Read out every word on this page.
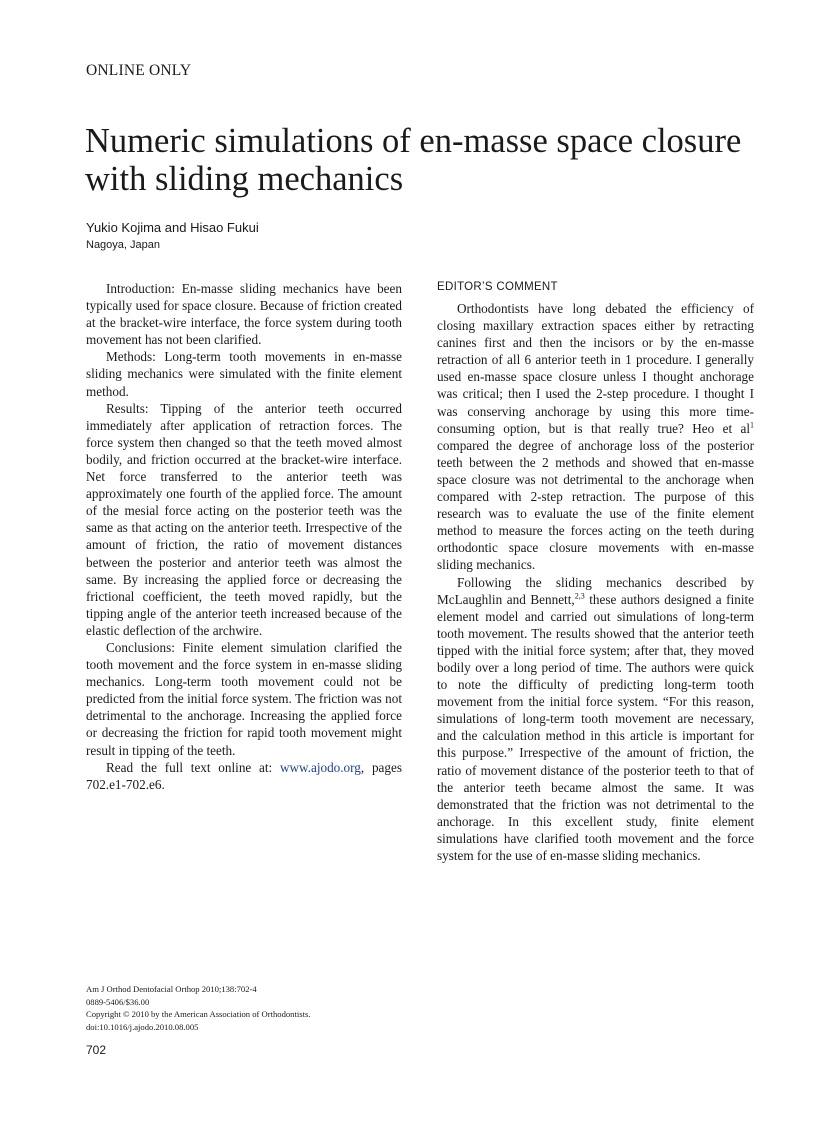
ONLINE ONLY
Numeric simulations of en-masse space closure
with sliding mechanics
Yukio Kojima and Hisao Fukui
Nagoya, Japan

Introduction: En-masse sliding mechanics have been typically used for space closure. Because of friction created at the bracket-wire interface, the force system during tooth movement has not been clarified.

Methods: Long-term tooth movements in en-masse sliding mechanics were simulated with the finite element method.

Results: Tipping of the anterior teeth occurred immediately after application of retraction forces. The force system then changed so that the teeth moved almost bodily, and friction occurred at the bracket-wire interface. Net force transferred to the anterior teeth was approximately one fourth of the applied force. The amount of the mesial force acting on the posterior teeth was the same as that acting on the anterior teeth. Irrespective of the amount of friction, the ratio of movement distances between the posterior and anterior teeth was almost the same. By increasing the applied force or decreasing the frictional coefficient, the teeth moved rapidly, but the tipping angle of the anterior teeth increased because of the elastic deflection of the archwire.

Conclusions: Finite element simulation clarified the tooth movement and the force system in en-masse sliding mechanics. Long-term tooth movement could not be predicted from the initial force system. The friction was not detrimental to the anchorage. Increasing the applied force or decreasing the friction for rapid tooth movement might result in tipping of the teeth.

Read the full text online at: www.ajodo.org, pages 702.e1-702.e6.

EDITOR’S COMMENT

Orthodontists have long debated the efficiency of closing maxillary extraction spaces either by retracting canines first and then the incisors or by the en-masse retraction of all 6 anterior teeth in 1 procedure. I generally used en-masse space closure unless I thought anchorage was critical; then I used the 2-step procedure. I thought I was conserving anchorage by using this more time-consuming option, but is that really true? Heo et $al^1$ compared the degree of anchorage loss of the posterior teeth between the 2 methods and showed that en-masse space closure was not detrimental to the anchorage when compared with 2-step retraction. The purpose of this research was to evaluate the use of the finite element method to measure the forces acting on the teeth during orthodontic space closure movements with en-masse sliding mechanics.

Following the sliding mechanics described by McLaughlin and Bennett,$^{2,3}$ these authors designed a finite element model and carried out simulations of long-term tooth movement. The results showed that the anterior teeth tipped with the initial force system; after that, they moved bodily over a long period of time. The authors were quick to note the difficulty of predicting long-term tooth movement from the initial force system. “For this reason, simulations of long-term tooth movement are necessary, and the calculation method in this article is important for this purpose.” Irrespective of the amount of friction, the ratio of movement distance of the posterior teeth to that of the anterior teeth became almost the same. It was demonstrated that the friction was not detrimental to the anchorage. In this excellent study, finite element simulations have clarified tooth movement and the force system for the use of en-masse sliding mechanics.

Am J Orthod Dentofacial Orthop 2010;138:702-4
0889-5406/$36.00
Copyright © 2010 by the American Association of Orthodontists.
doi:10.1016/j.ajodo.2010.08.005
702
